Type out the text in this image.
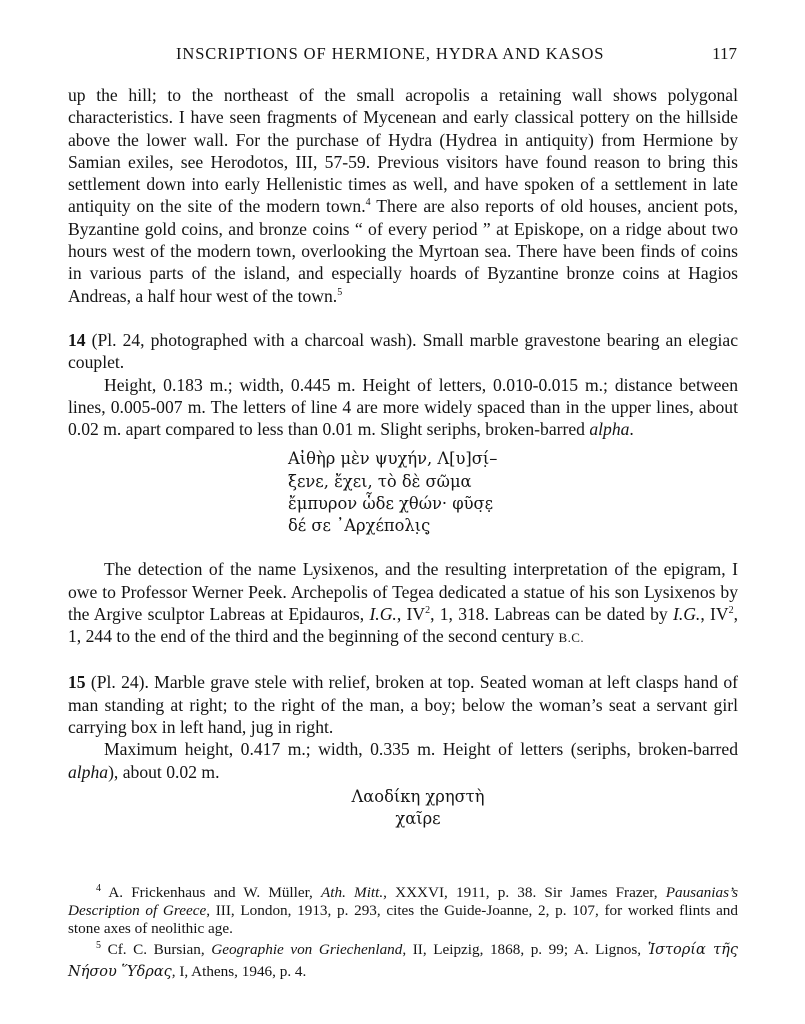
INSCRIPTIONS OF HERMIONE, HYDRA AND KASOS	117

up the hill; to the northeast of the small acropolis a retaining wall shows polygonal characteristics. I have seen fragments of Mycenean and early classical pottery on the hillside above the lower wall. For the purchase of Hydra (Hydrea in antiquity) from Hermione by Samian exiles, see Herodotos, III, 57-59. Previous visitors have found reason to bring this settlement down into early Hellenistic times as well, and have spoken of a settlement in late antiquity on the site of the modern town.$^4$ There are also reports of old houses, ancient pots, Byzantine gold coins, and bronze coins “ of every period ” at Episkope, on a ridge about two hours west of the modern town, overlooking the Myrtoan sea. There have been finds of coins in various parts of the island, and especially hoards of Byzantine bronze coins at Hagios Andreas, a half hour west of the town.$^5$

14 (Pl. 24, photographed with a charcoal wash). Small marble gravestone bearing an elegiac couplet.

Height, 0.183 m.; width, 0.445 m. Height of letters, 0.010-0.015 m.; distance between lines, 0.005-007 m. The letters of line 4 are more widely spaced than in the upper lines, about 0.02 m. apart compared to less than 0.01 m. Slight seriphs, broken-barred alpha.

Αἰθὴρ μὲν ψυχήν, Λ[υ]σί̣–
ξενε, ἔχει, τὸ δὲ σῶμα
ἔμπυρον ὧδε χθών· φῦσ̣ε̣
δέ σε ᾽Αρχέπολι̣ς̣

The detection of the name Lysixenos, and the resulting interpretation of the epigram, I owe to Professor Werner Peek. Archepolis of Tegea dedicated a statue of his son Lysixenos by the Argive sculptor Labreas at Epidauros, I.G., $IV^2$, 1, 318. Labreas can be dated by I.G., $IV^2$, 1, 244 to the end of the third and the beginning of the second century B.C.

15 (Pl. 24). Marble grave stele with relief, broken at top. Seated woman at left clasps hand of man standing at right; to the right of the man, a boy; below the woman’s seat a servant girl carrying box in left hand, jug in right.

Maximum height, 0.417 m.; width, 0.335 m. Height of letters (seriphs, broken-barred alpha), about 0.02 m.

Λαοδίκη χρηστὴ
χαῖρε

$^4$ A. Frickenhaus and W. Müller, Ath. Mitt., XXXVI, 1911, p. 38. Sir James Frazer, Pausanias’s Description of Greece, III, London, 1913, p. 293, cites the Guide-Joanne, 2, p. 107, for worked flints and stone axes of neolithic age.

$^5$ Cf. C. Bursian, Geographie von Griechenland, II, Leipzig, 1868, p. 99; A. Lignos, Ἱστορία τῆς Νήσου Ὕδρας, I, Athens, 1946, p. 4.
